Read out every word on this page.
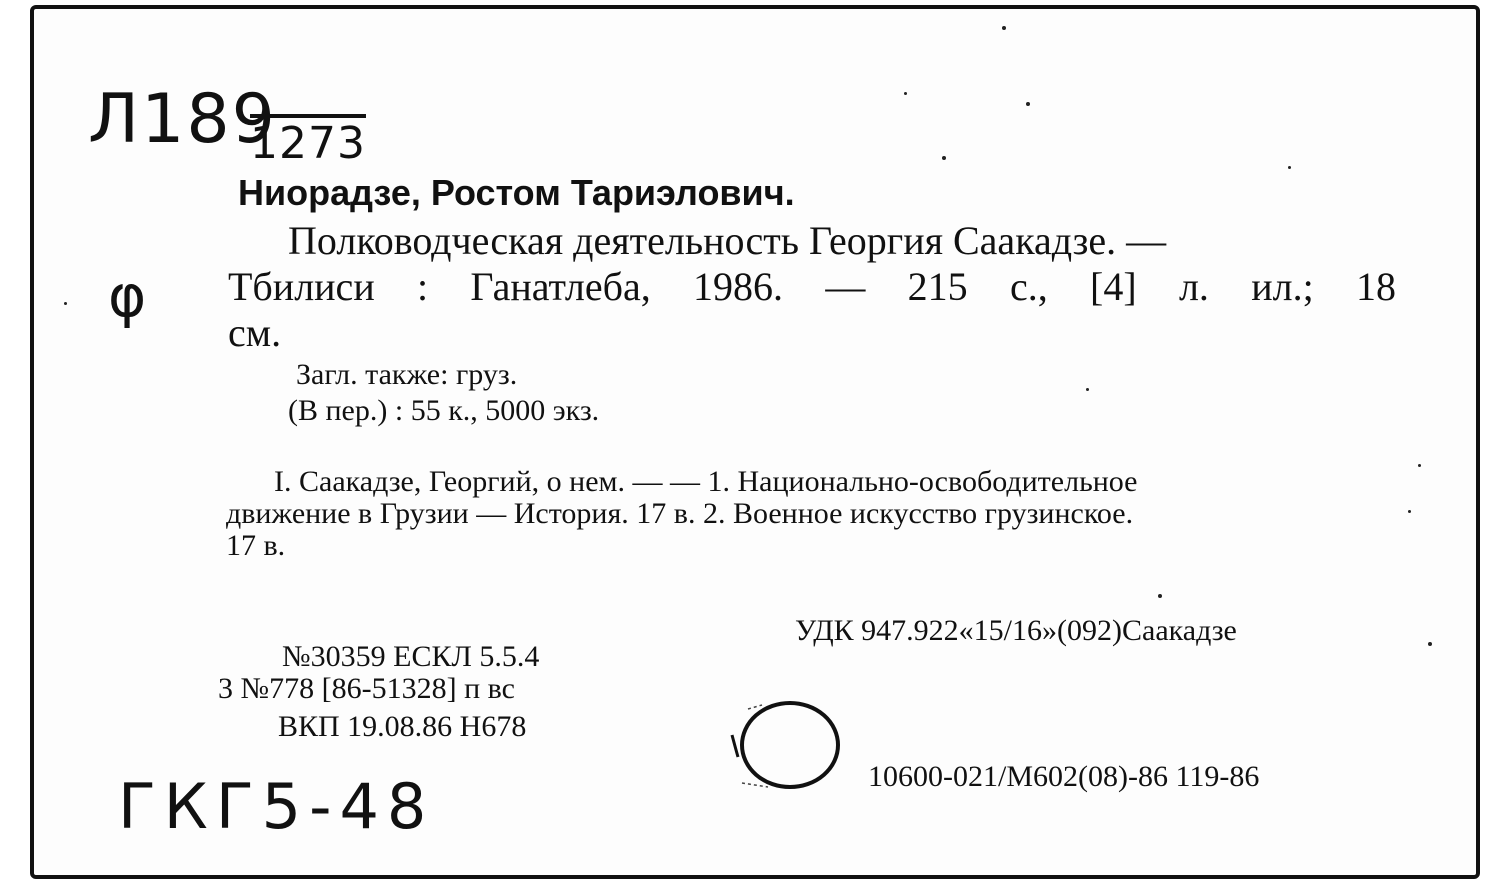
Л189
1273
φ
ГКГ5-48
Ниорадзе, Ростом Тариэлович.
Полководческая деятельность Георгия Саакадзе. —
Тбилиси : Ганатлеба, 1986. — 215 с., [4] л. ил.; 18
см.
Загл. также: груз.
(В пер.) : 55 к., 5000 экз.
I. Саакадзе, Георгий, о нем. — — 1. Национально-освободительное
движение в Грузии — История. 17 в. 2. Военное искусство грузинское.
17 в.
УДК 947.922«15/16»(092)Саакадзе
№30359 ЕСКЛ 5.5.4
3 №778 [86-51328] п вс
ВКП 19.08.86 Н678
10600-021/М602(08)-86 119-86
